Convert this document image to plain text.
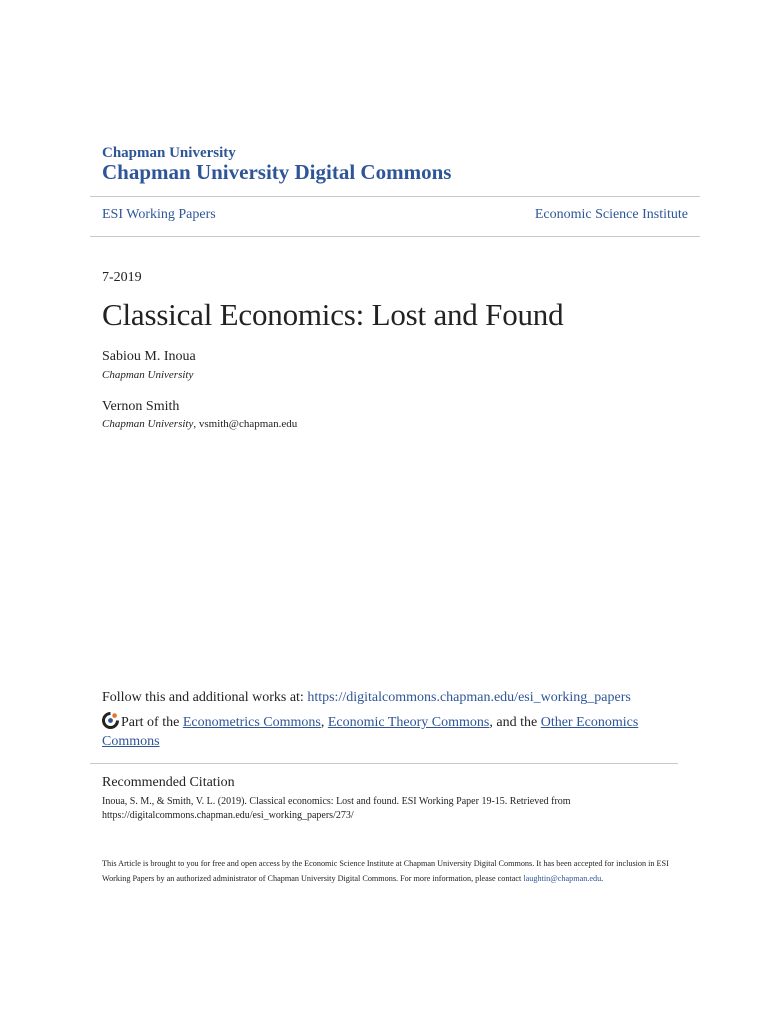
Chapman University
Chapman University Digital Commons
ESI Working Papers	Economic Science Institute
7-2019
Classical Economics: Lost and Found
Sabiou M. Inoua
Chapman University
Vernon Smith
Chapman University, vsmith@chapman.edu
Follow this and additional works at: https://digitalcommons.chapman.edu/esi_working_papers
Part of the Econometrics Commons, Economic Theory Commons, and the Other Economics Commons
Recommended Citation
Inoua, S. M., & Smith, V. L. (2019). Classical economics: Lost and found. ESI Working Paper 19-15. Retrieved from https://digitalcommons.chapman.edu/esi_working_papers/273/
This Article is brought to you for free and open access by the Economic Science Institute at Chapman University Digital Commons. It has been accepted for inclusion in ESI Working Papers by an authorized administrator of Chapman University Digital Commons. For more information, please contact laughtin@chapman.edu.
